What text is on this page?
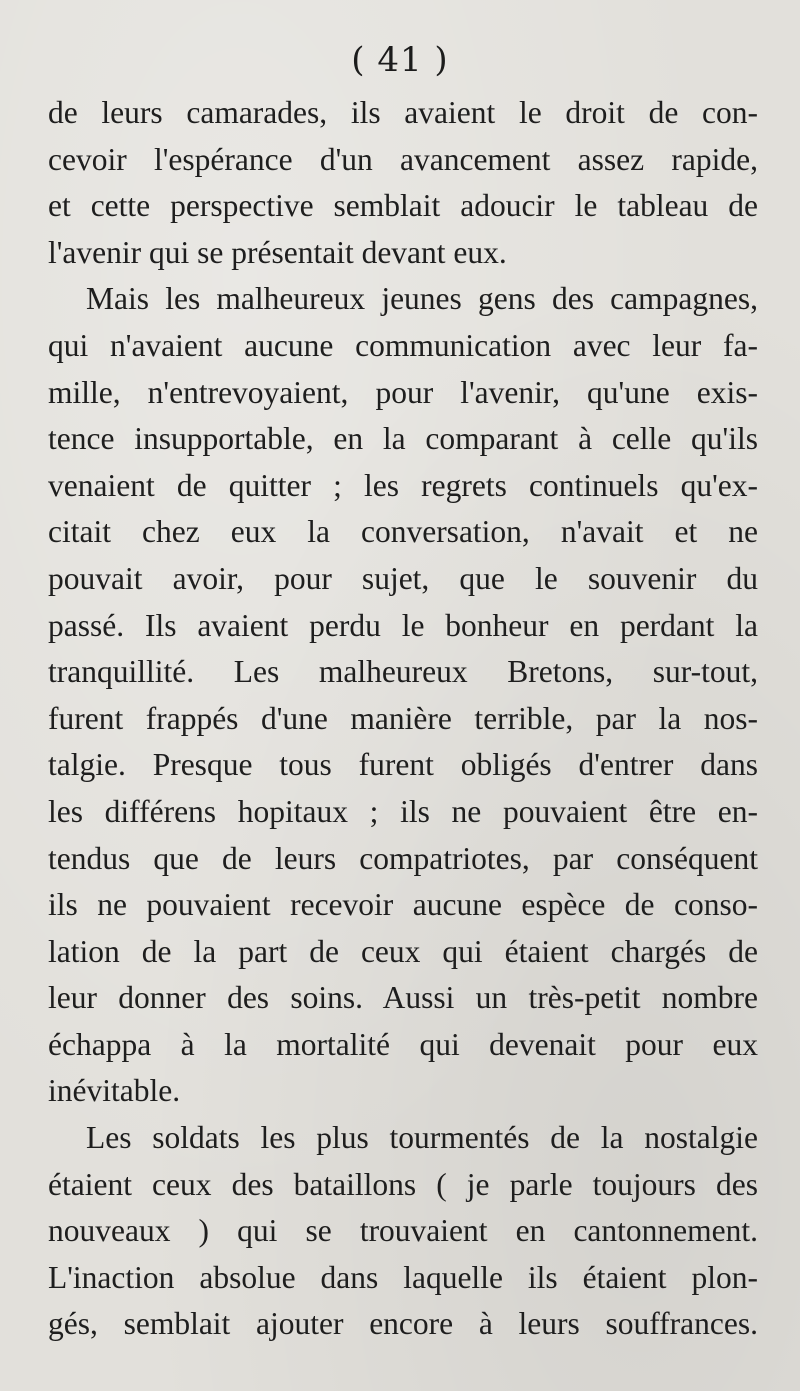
( 41 )
de leurs camarades, ils avaient le droit de con-
cevoir l'espérance d'un avancement assez rapide,
et cette perspective semblait adoucir le tableau de
l'avenir qui se présentait devant eux.
Mais les malheureux jeunes gens des campagnes,
qui n'avaient aucune communication avec leur fa-
mille, n'entrevoyaient, pour l'avenir, qu'une exis-
tence insupportable, en la comparant à celle qu'ils
venaient de quitter ; les regrets continuels qu'ex-
citait chez eux la conversation, n'avait et ne
pouvait avoir, pour sujet, que le souvenir du
passé. Ils avaient perdu le bonheur en perdant la
tranquillité. Les malheureux Bretons, sur-tout,
furent frappés d'une manière terrible, par la nos-
talgie. Presque tous furent obligés d'entrer dans
les différens hopitaux ; ils ne pouvaient être en-
tendus que de leurs compatriotes, par conséquent
ils ne pouvaient recevoir aucune espèce de conso-
lation de la part de ceux qui étaient chargés de
leur donner des soins. Aussi un très-petit nombre
échappa à la mortalité qui devenait pour eux
inévitable.
Les soldats les plus tourmentés de la nostalgie
étaient ceux des bataillons ( je parle toujours des
nouveaux ) qui se trouvaient en cantonnement.
L'inaction absolue dans laquelle ils étaient plon-
gés, semblait ajouter encore à leurs souffrances.
